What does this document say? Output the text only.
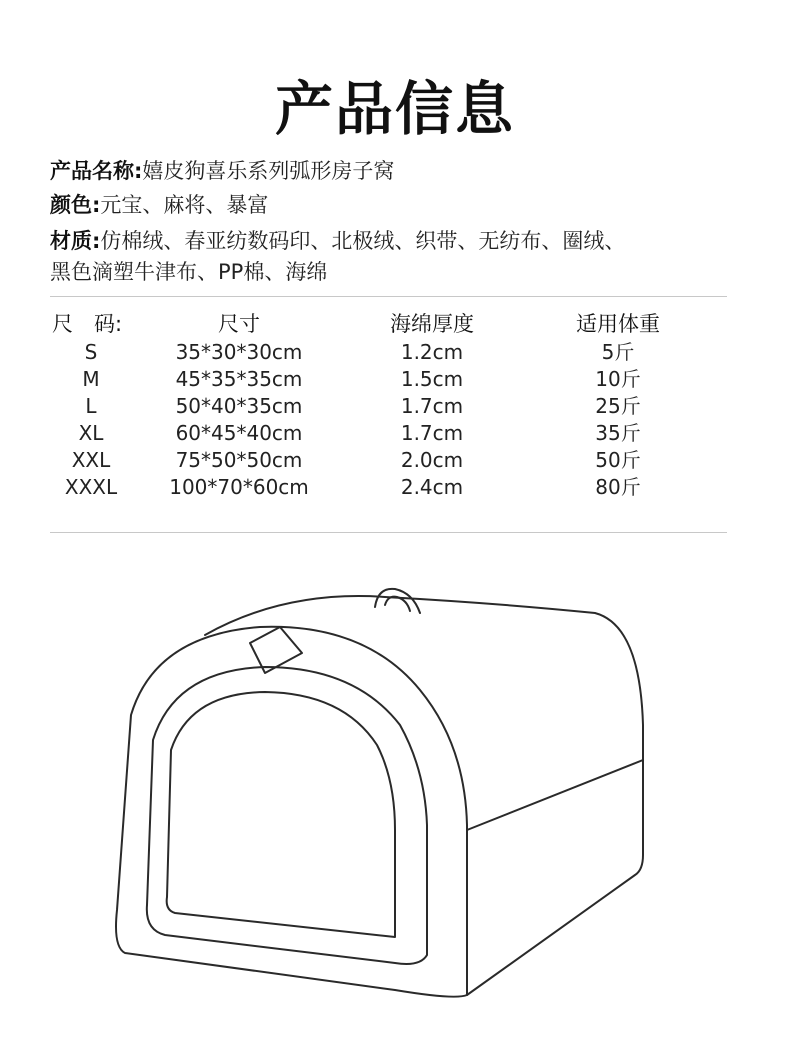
产品信息
产品名称:嬉皮狗喜乐系列弧形房子窝
颜色:元宝、麻将、暴富
材质:仿棉绒、春亚纺数码印、北极绒、织带、无纺布、圈绒、
黑色滴塑牛津布、PP棉、海绵
尺　码:	尺寸	海绵厚度	适用体重
S	35*30*30cm	1.2cm	5斤
M	45*35*35cm	1.5cm	10斤
L	50*40*35cm	1.7cm	25斤
XL	60*45*40cm	1.7cm	35斤
XXL	75*50*50cm	2.0cm	50斤
XXXL	100*70*60cm	2.4cm	80斤
